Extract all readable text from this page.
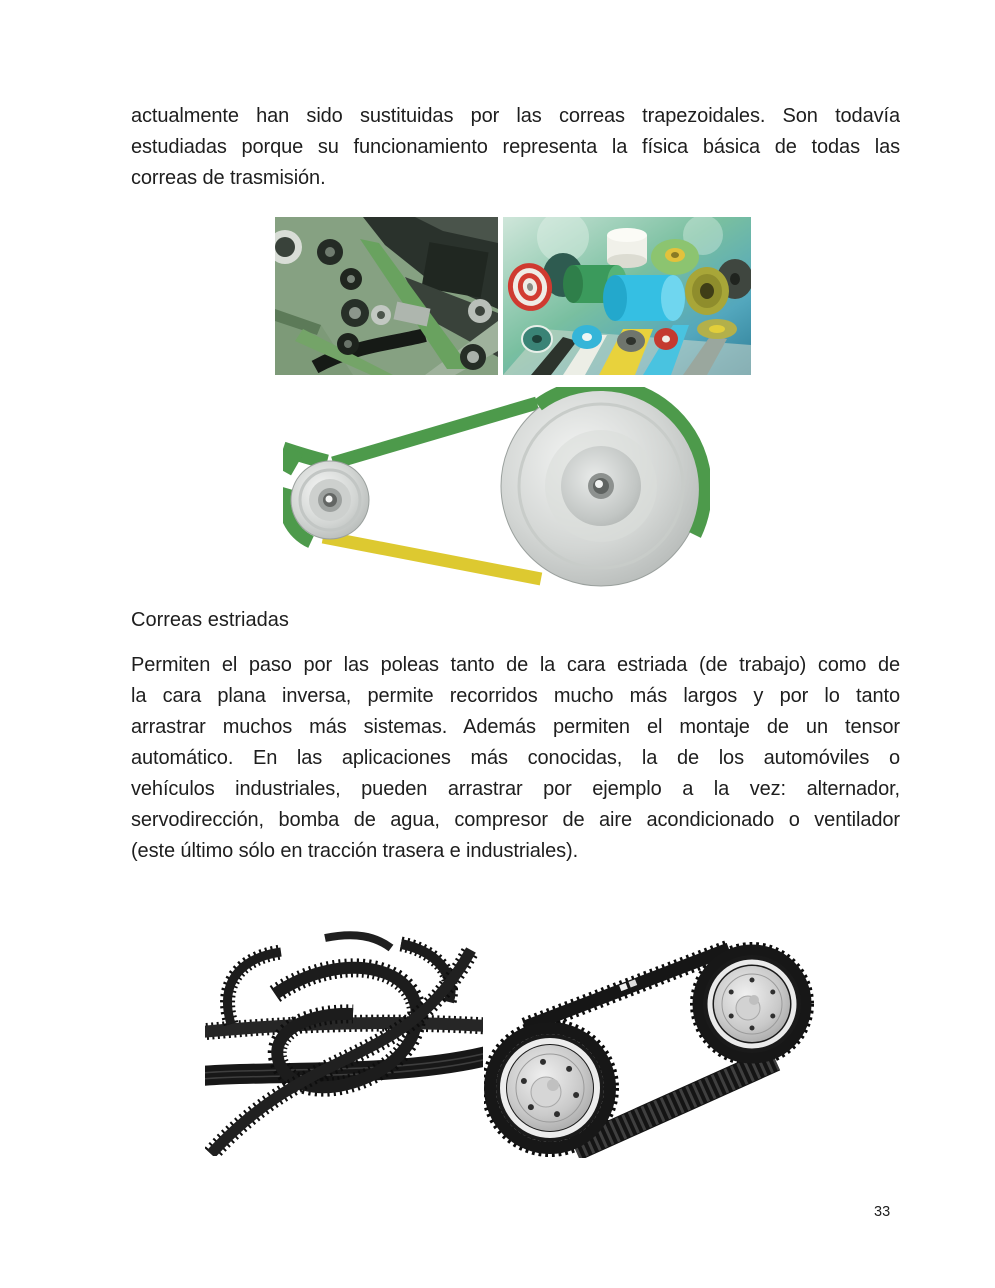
actualmente han sido sustituidas por las correas trapezoidales. Son todavía
estudiadas porque su funcionamiento representa la física básica de todas las
correas de trasmisión.
Correas estriadas
Permiten el paso por las poleas tanto de la cara estriada (de trabajo) como de
la cara plana inversa, permite recorridos mucho más largos y por lo tanto
arrastrar muchos más sistemas. Además permiten el montaje de un tensor
automático. En las aplicaciones más conocidas, la de los automóviles o
vehículos industriales, pueden arrastrar por ejemplo a la vez: alternador,
servodirección, bomba de agua, compresor de aire acondicionado o ventilador
(este último sólo en tracción trasera e industriales).
33
